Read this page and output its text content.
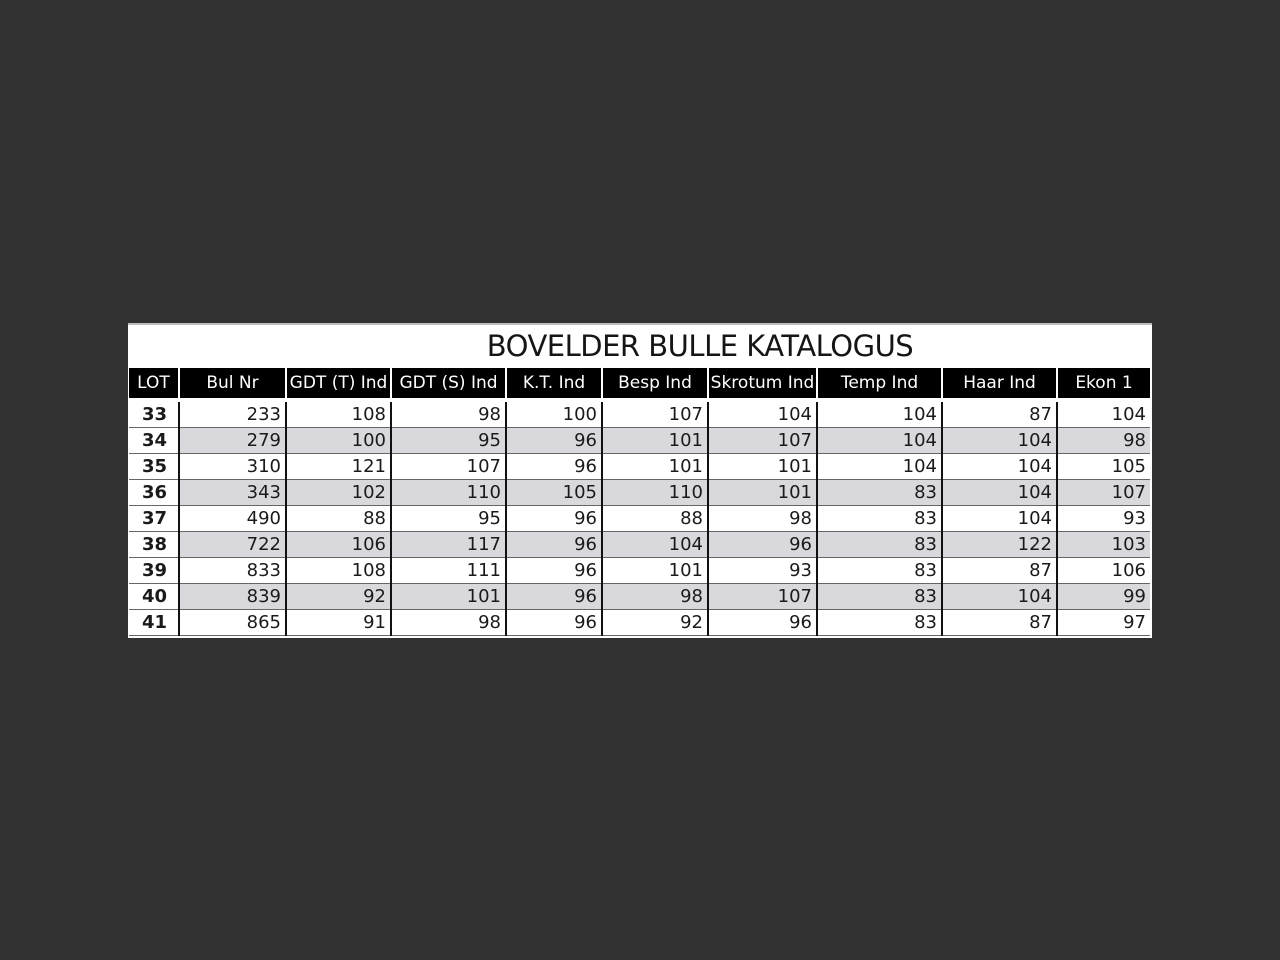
BOVELDER BULLE KATALOGUS
LOT	Bul Nr	GDT (T) Ind	GDT (S) Ind	K.T. Ind	Besp Ind	Skrotum Ind	Temp Ind	Haar Ind	Ekon 1
33	233	108	98	100	107	104	104	87	104
34	279	100	95	96	101	107	104	104	98
35	310	121	107	96	101	101	104	104	105
36	343	102	110	105	110	101	83	104	107
37	490	88	95	96	88	98	83	104	93
38	722	106	117	96	104	96	83	122	103
39	833	108	111	96	101	93	83	87	106
40	839	92	101	96	98	107	83	104	99
41	865	91	98	96	92	96	83	87	97
